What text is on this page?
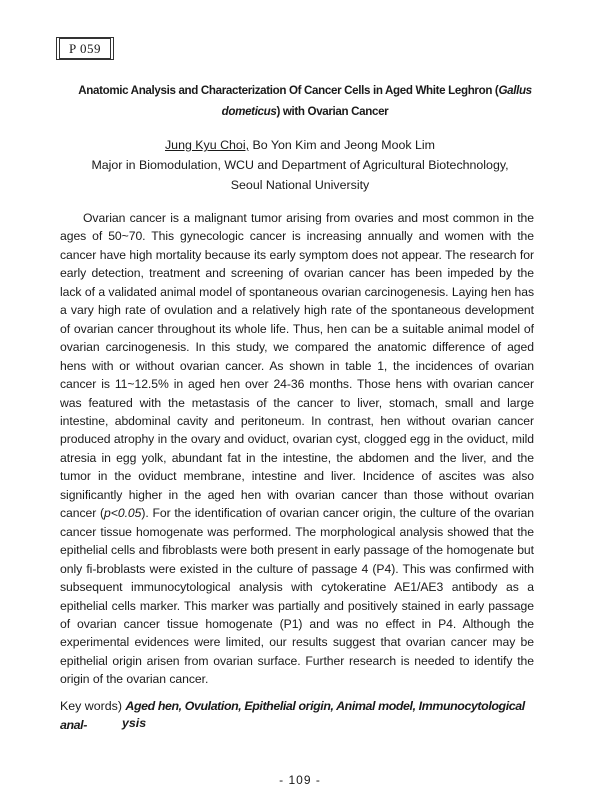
P 059
Anatomic Analysis and Characterization Of Cancer Cells in Aged White Leghron (Gallus dometicus) with Ovarian Cancer
Jung Kyu Choi, Bo Yon Kim and Jeong Mook Lim
Major in Biomodulation, WCU and Department of Agricultural Biotechnology,
Seoul National University

Ovarian cancer is a malignant tumor arising from ovaries and most common in the ages of 50~70. This gynecologic cancer is increasing annually and women with the cancer have high mortality because its early symptom does not appear. The research for early detection, treatment and screening of ovarian cancer has been impeded by the lack of a validated animal model of spontaneous ovarian carcinogenesis. Laying hen has a vary high rate of ovulation and a relatively high rate of the spontaneous development of ovarian cancer throughout its whole life. Thus, hen can be a suitable animal model of ovarian carcinogenesis. In this study, we compared the anatomic difference of aged hens with or without ovarian cancer. As shown in table 1, the incidences of ovarian cancer is 11~12.5% in aged hen over 24-36 months. Those hens with ovarian cancer was featured with the metastasis of the cancer to liver, stomach, small and large intestine, abdominal cavity and peritoneum. In contrast, hen without ovarian cancer produced atrophy in the ovary and oviduct, ovarian cyst, clogged egg in the oviduct, mild atresia in egg yolk, abundant fat in the intestine, the abdomen and the liver, and the tumor in the oviduct membrane, intestine and liver. Incidence of ascites was also significantly higher in the aged hen with ovarian cancer than those without ovarian cancer (p<0.05). For the identification of ovarian cancer origin, the culture of the ovarian cancer tissue homogenate was performed. The morphological analysis showed that the epithelial cells and fibroblasts were both present in early passage of the homogenate but only fi-broblasts were existed in the culture of passage 4 (P4). This was confirmed with subsequent immunocytological analysis with cytokeratine AE1/AE3 antibody as a epithelial cells marker. This marker was partially and positively stained in early passage of ovarian cancer tissue homogenate (P1) and was no effect in P4. Although the experimental evidences were limited, our results suggest that ovarian cancer may be epithelial origin arisen from ovarian surface. Further research is needed to identify the origin of the ovarian cancer.

Key words) Aged hen, Ovulation, Epithelial origin, Animal model, Immunocytological anal-	ysis
- 109 -
